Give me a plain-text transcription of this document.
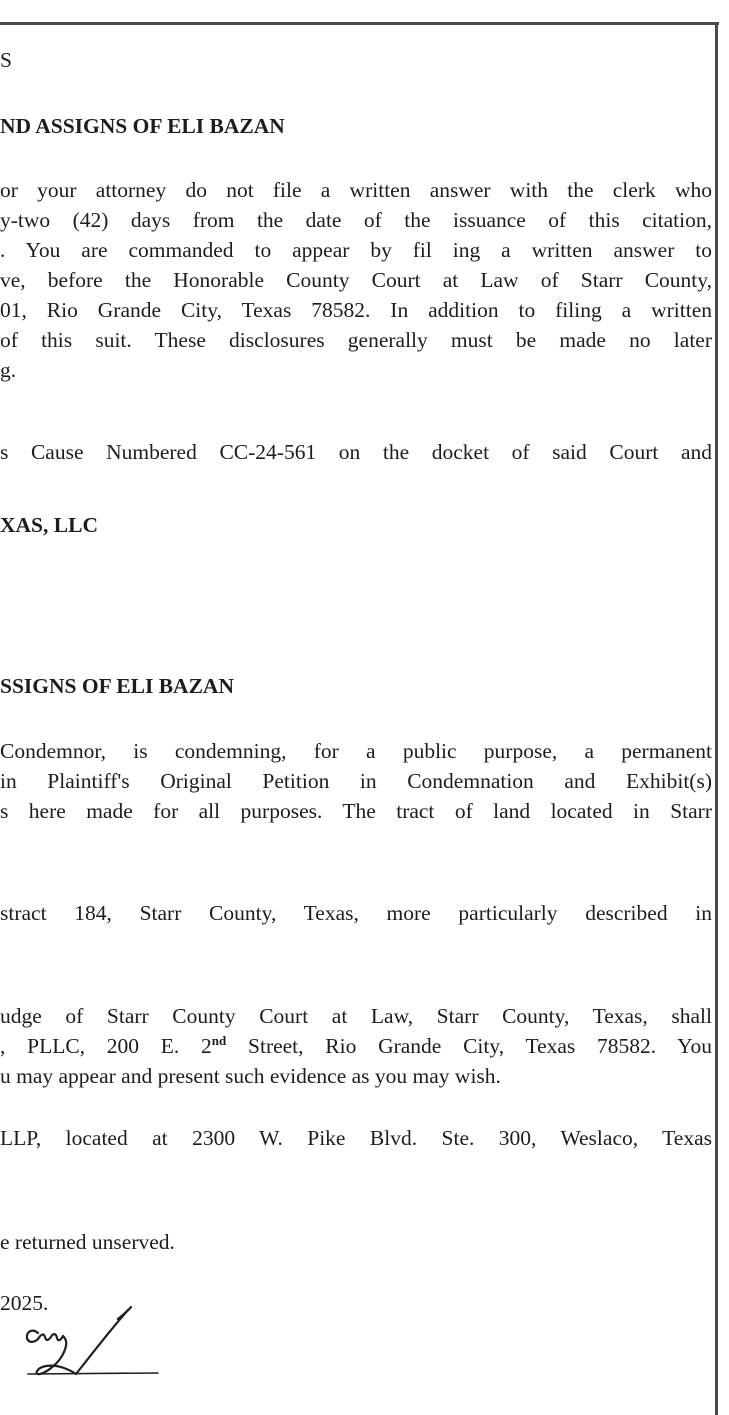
S

ND ASSIGNS OF ELI BAZAN

or your attorney do not file a written answer with the clerk who

y-two (42) days from the date of the issuance of this citation,

. You are commanded to appear by fil ing a written answer to

ve, before the Honorable County Court at Law of Starr County,

01, Rio Grande City, Texas 78582. In addition to filing a written

of this suit. These disclosures generally must be made no later

g.

s Cause Numbered CC-24-561 on the docket of said Court and

XAS, LLC

SSIGNS OF ELI BAZAN

Condemnor, is condemning, for a public purpose, a permanent

in Plaintiff's Original Petition in Condemnation and Exhibit(s)

s here made for all purposes. The tract of land located in Starr

stract 184, Starr County, Texas, more particularly described in

udge of Starr County Court at Law, Starr County, Texas, shall

, PLLC, 200 E. 2nd Street, Rio Grande City, Texas 78582. You

u may appear and present such evidence as you may wish.

LLP, located at 2300 W. Pike Blvd. Ste. 300, Weslaco, Texas

e returned unserved.

2025.
